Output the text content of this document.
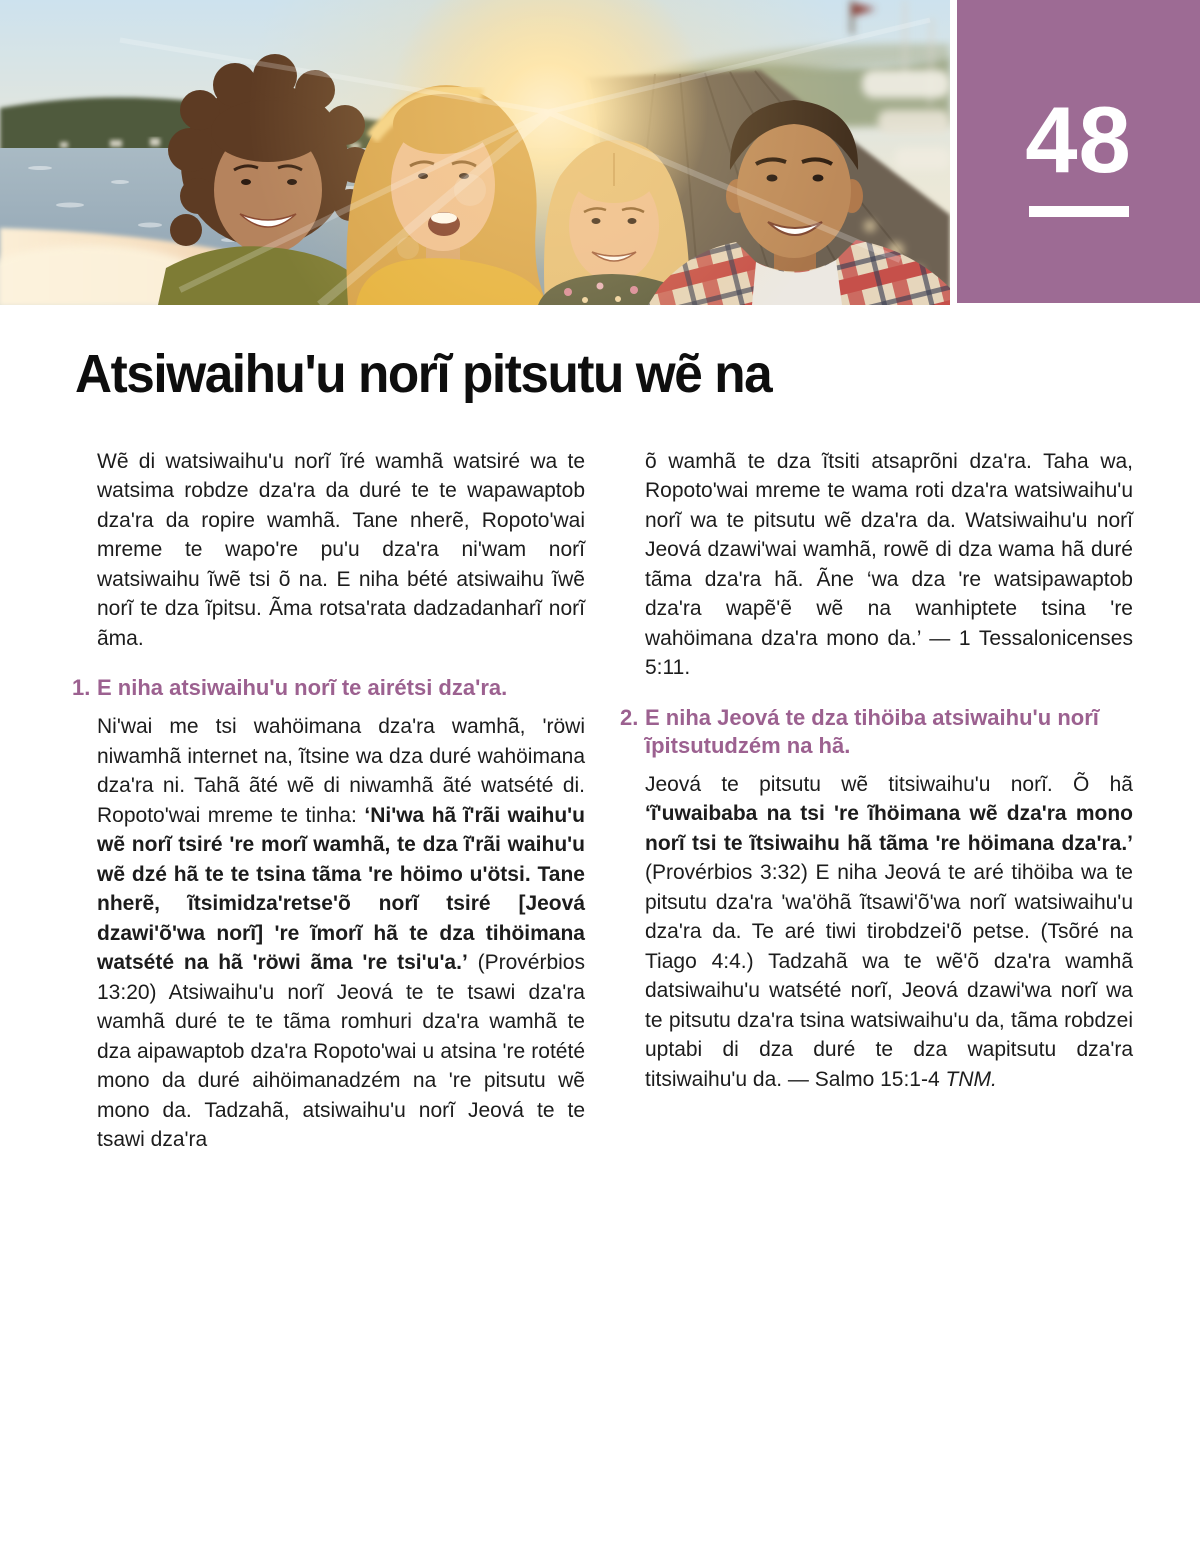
48
Atsiwaihu'u norĩ pitsutu wẽ na

Wẽ di watsiwaihu'u norĩ ĩré wamhã watsiré wa te watsima robdze dza'ra da duré te te wapawaptob dza'ra da ropire wamhã. Tane nherẽ, Ropoto'wai mreme te wapo're pu'u dza'ra ni'wam norĩ watsiwaihu ĩwẽ tsi õ na. E niha bété atsiwaihu ĩwẽ norĩ te dza ĩpitsu. Ãma rotsa'rata dadzadanharĩ norĩ ãma.

1. E niha atsiwaihu'u norĩ te airétsi dza'ra.

Ni'wai me tsi wahöimana dza'ra wamhã, 'röwi niwamhã internet na, ĩtsine wa dza duré wahöimana dza'ra ni. Tahã ãté wẽ di niwamhã ãté watsété di. Ropoto'wai mreme te tinha: ‘Ni'wa hã ĩ'rãi waihu'u wẽ norĩ tsiré 're morĩ wamhã, te dza ĩ'rãi waihu'u wẽ dzé hã te te tsina tãma 're höimo u'ötsi. Tane nherẽ, ĩtsimidza'retse'õ norĩ tsiré [Jeová dzawi'õ'wa norĩ] 're ĩmorĩ hã te dza tihöimana watsété na hã 'röwi ãma 're tsi'u'a.’ (Provérbios 13:20) Atsiwaihu'u norĩ Jeová te te tsawi dza'ra wamhã duré te te tãma romhuri dza'ra wamhã te dza aipawaptob dza'ra Ropoto'wai u atsina 're rotété mono da duré aihöimanadzém na 're pitsutu wẽ mono da. Tadzahã, atsiwaihu'u norĩ Jeová te te tsawi dza'ra

õ wamhã te dza ĩtsiti atsaprõni dza'ra. Taha wa, Ropoto'wai mreme te wama roti dza'ra watsiwaihu'u norĩ wa te pitsutu wẽ dza'ra da. Watsiwaihu'u norĩ Jeová dzawi'wai wamhã, rowẽ di dza wama hã duré tãma dza'ra hã. Ãne ‘wa dza 're watsipawaptob dza'ra wapẽ'ẽ wẽ na wanhiptete tsina 're wahöimana dza'ra mono da.’ — 1 Tessalonicenses 5:11.

2. E niha Jeová te dza tihöiba atsiwaihu'u norĩ ĩpitsutudzém na hã.

Jeová te pitsutu wẽ titsiwaihu'u norĩ. Õ hã ‘ĩ'uwaibaba na tsi 're ĩhöimana wẽ dza'ra mono norĩ tsi te ĩtsiwaihu hã tãma 're höimana dza'ra.’ (Provérbios 3:32) E niha Jeová te aré tihöiba wa te pitsutu dza'ra 'wa'öhã ĩtsawi'õ'wa norĩ watsiwaihu'u dza'ra da. Te aré tiwi tirobdzei'õ petse. (Tsõré na Tiago 4:4.) Tadzahã wa te wẽ'õ dza'ra wamhã datsiwaihu'u watsété norĩ, Jeová dzawi'wa norĩ wa te pitsutu dza'ra tsina watsiwaihu'u da, tãma robdzei uptabi di dza duré te dza wapitsutu dza'ra titsiwaihu'u da. — Salmo 15:1-4 TNM.
